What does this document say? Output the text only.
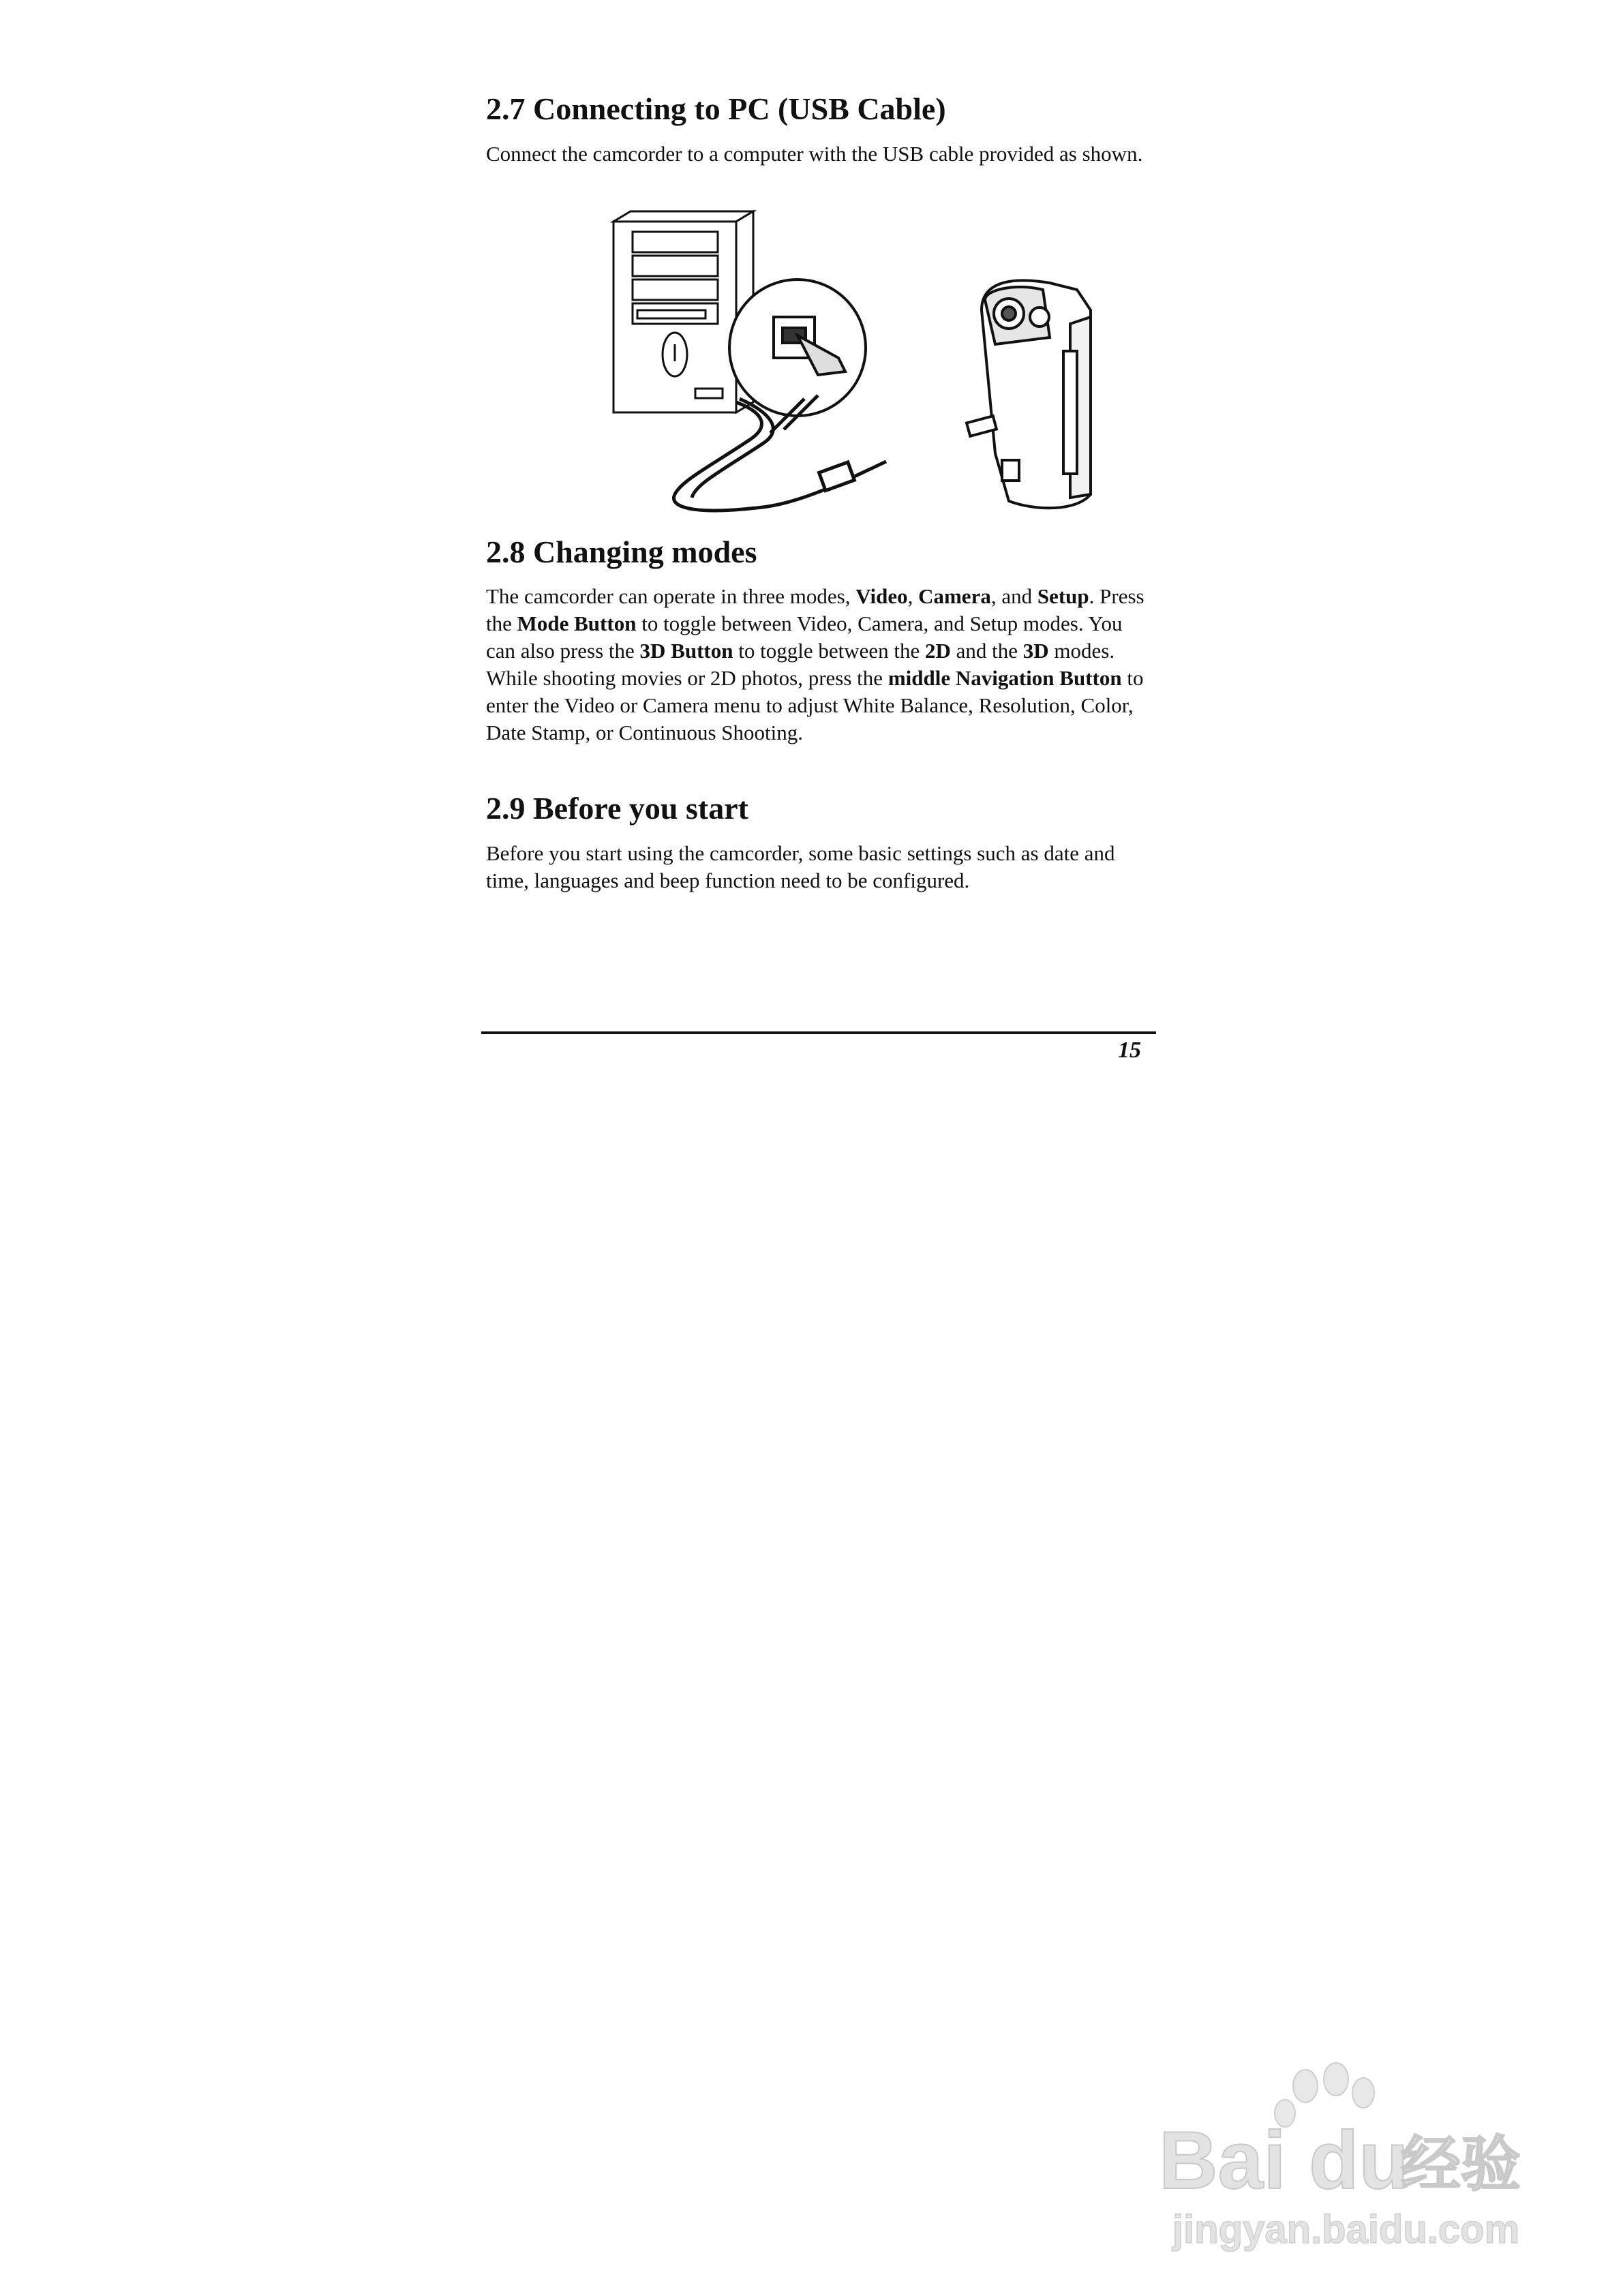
2.7 Connecting to PC (USB Cable)

Connect the camcorder to a computer with the USB cable provided as shown.

2.8 Changing modes

The camcorder can operate in three modes, Video, Camera, and Setup. Press the Mode Button to toggle between Video, Camera, and Setup modes. You can also press the 3D Button to toggle between the 2D and the 3D modes. While shooting movies or 2D photos, press the middle Navigation Button to enter the Video or Camera menu to adjust White Balance, Resolution, Color, Date Stamp, or Continuous Shooting.

2.9 Before you start

Before you start using the camcorder, some basic settings such as date and time, languages and beep function need to be configured.

15
Bai du
经验
jingyan.baidu.com
